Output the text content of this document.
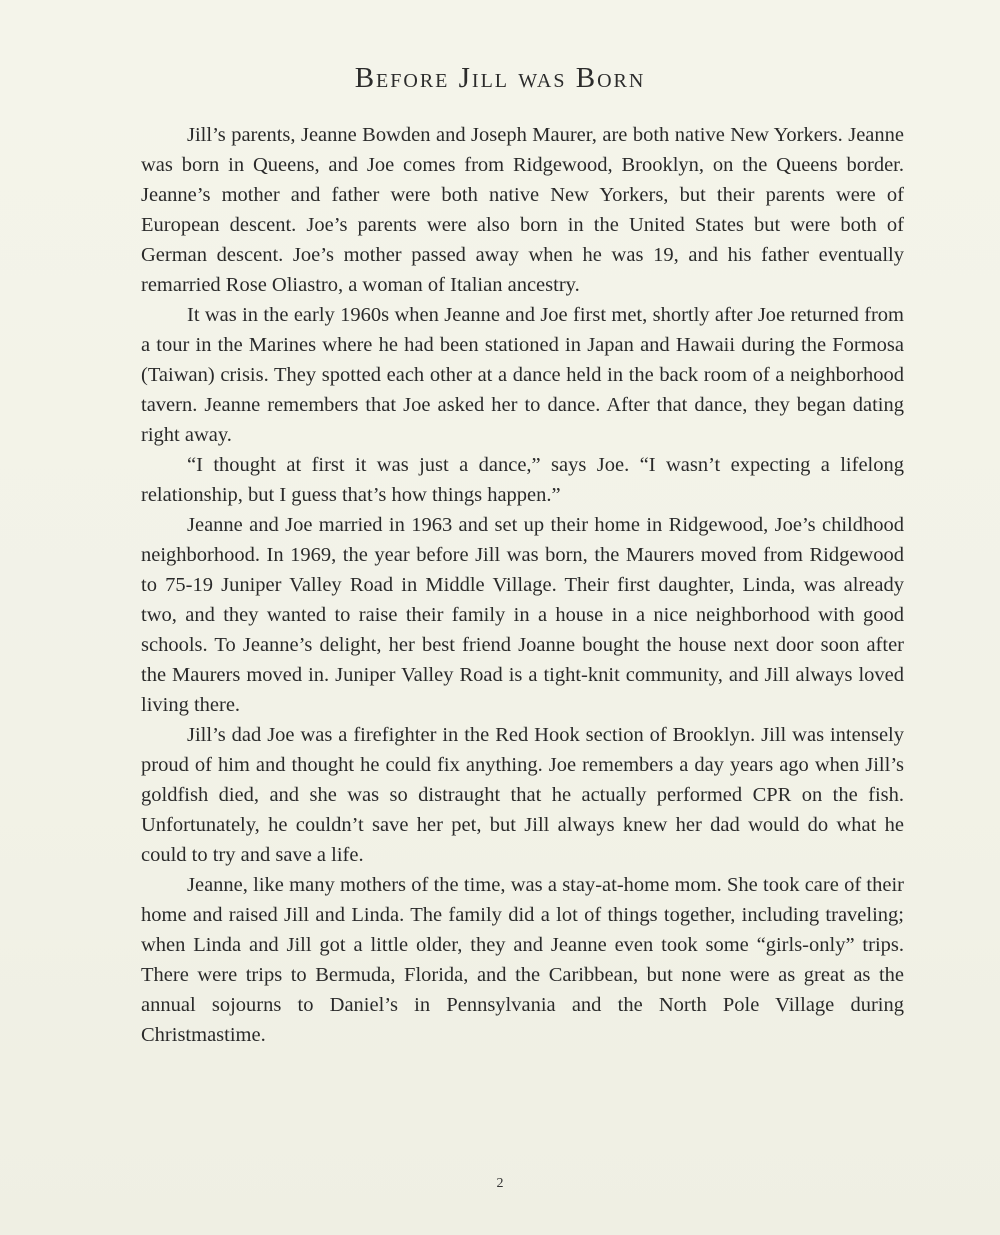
Before Jill was Born

Jill’s parents, Jeanne Bowden and Joseph Maurer, are both native New Yorkers. Jeanne was born in Queens, and Joe comes from Ridgewood, Brooklyn, on the Queens border. Jeanne’s mother and father were both native New Yorkers, but their parents were of European descent. Joe’s parents were also born in the United States but were both of German descent. Joe’s mother passed away when he was 19, and his father eventually remarried Rose Oliastro, a woman of Italian ancestry.

It was in the early 1960s when Jeanne and Joe first met, shortly after Joe returned from a tour in the Marines where he had been stationed in Japan and Hawaii during the Formosa (Taiwan) crisis. They spotted each other at a dance held in the back room of a neighborhood tavern. Jeanne remembers that Joe asked her to dance. After that dance, they began dating right away.

“I thought at first it was just a dance,” says Joe. “I wasn’t expecting a lifelong relationship, but I guess that’s how things happen.”

Jeanne and Joe married in 1963 and set up their home in Ridgewood, Joe’s childhood neighborhood. In 1969, the year before Jill was born, the Maurers moved from Ridgewood to 75-19 Juniper Valley Road in Middle Village. Their first daughter, Linda, was already two, and they wanted to raise their family in a house in a nice neighborhood with good schools. To Jeanne’s delight, her best friend Joanne bought the house next door soon after the Maurers moved in. Juniper Valley Road is a tight-knit community, and Jill always loved living there.

Jill’s dad Joe was a firefighter in the Red Hook section of Brooklyn. Jill was intensely proud of him and thought he could fix anything. Joe remembers a day years ago when Jill’s goldfish died, and she was so distraught that he actually performed CPR on the fish. Unfortunately, he couldn’t save her pet, but Jill always knew her dad would do what he could to try and save a life.

Jeanne, like many mothers of the time, was a stay-at-home mom. She took care of their home and raised Jill and Linda. The family did a lot of things together, including traveling; when Linda and Jill got a little older, they and Jeanne even took some “girls-only” trips. There were trips to Bermuda, Florida, and the Caribbean, but none were as great as the annual sojourns to Daniel’s in Pennsylvania and the North Pole Village during Christmastime.

2
